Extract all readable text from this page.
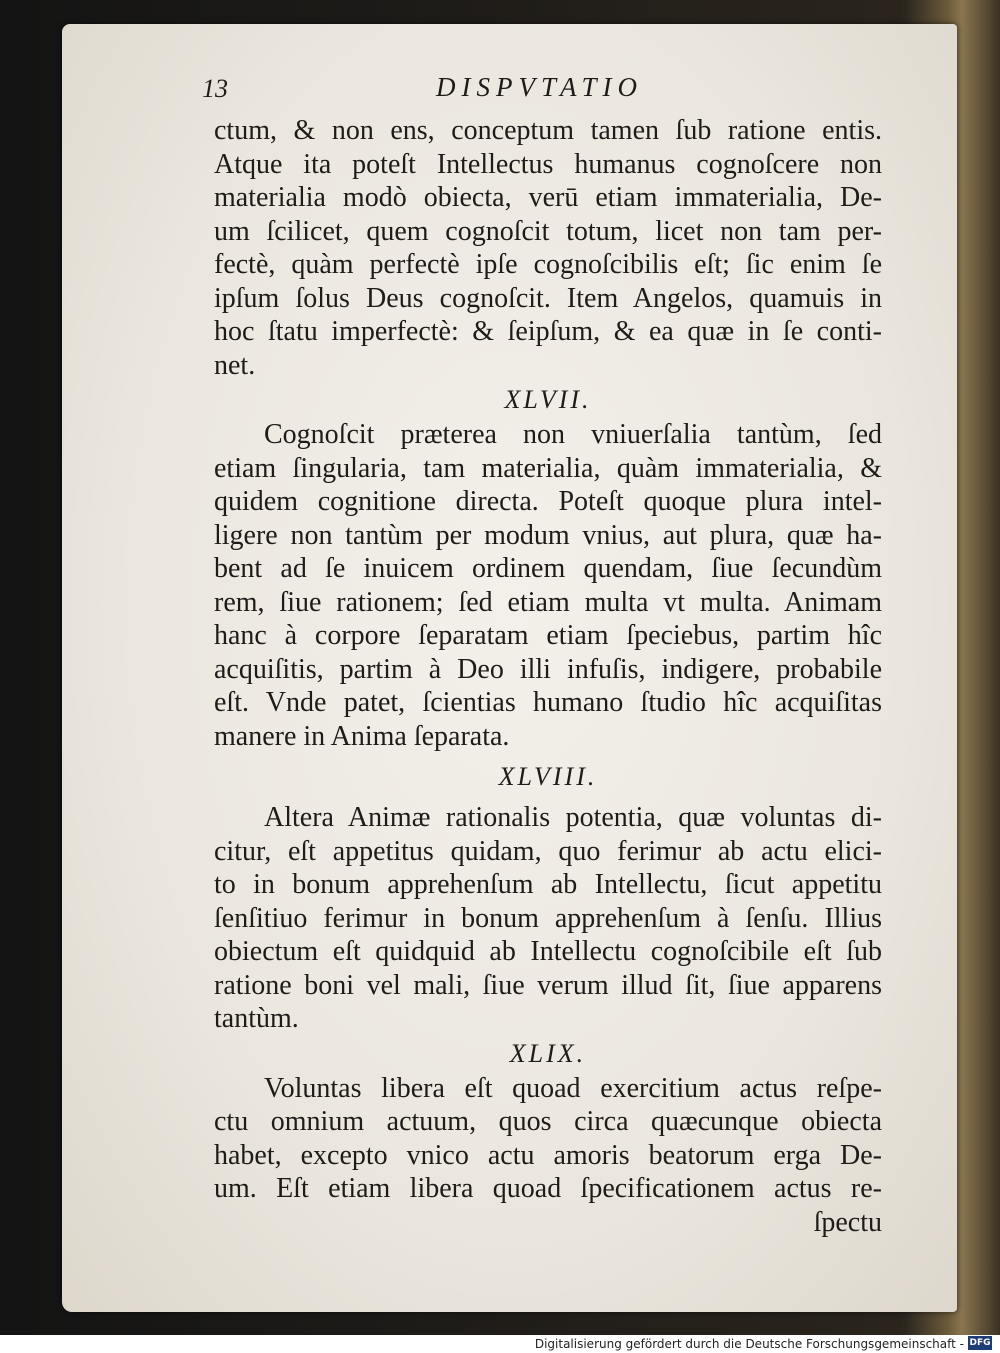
13	DISPVTATIO
ctum, & non ens, conceptum tamen ſub ratione entis.
Atque ita poteſt Intellectus humanus cognoſcere non
materialia modò obiecta, verū etiam immaterialia, De-
um ſcilicet, quem cognoſcit totum, licet non tam per-
fectè, quàm perfectè ipſe cognoſcibilis eſt; ſic enim ſe
ipſum ſolus Deus cognoſcit. Item Angelos, quamuis in
hoc ſtatu imperfectè: & ſeipſum, & ea quæ in ſe conti-
net.
XLVII.
Cognoſcit præterea non vniuerſalia tantùm, ſed
etiam ſingularia, tam materialia, quàm immaterialia, &
quidem cognitione directa. Poteſt quoque plura intel-
ligere non tantùm per modum vnius, aut plura, quæ ha-
bent ad ſe inuicem ordinem quendam, ſiue ſecundùm
rem, ſiue rationem; ſed etiam multa vt multa. Animam
hanc à corpore ſeparatam etiam ſpeciebus, partim hîc
acquiſitis, partim à Deo illi infuſis, indigere, probabile
eſt. Vnde patet, ſcientias humano ſtudio hîc acquiſitas
manere in Anima ſeparata.
XLVIII.
Altera Animæ rationalis potentia, quæ voluntas di-
citur, eſt appetitus quidam, quo ferimur ab actu elici-
to in bonum apprehenſum ab Intellectu, ſicut appetitu
ſenſitiuo ferimur in bonum apprehenſum à ſenſu. Illius
obiectum eſt quidquid ab Intellectu cognoſcibile eſt ſub
ratione boni vel mali, ſiue verum illud ſit, ſiue apparens
tantùm.
XLIX.
Voluntas libera eſt quoad exercitium actus reſpe-
ctu omnium actuum, quos circa quæcunque obiecta
habet, excepto vnico actu amoris beatorum erga De-
um. Eſt etiam libera quoad ſpecificationem actus re-
ſpectu
Digitalisierung gefördert durch die Deutsche Forschungsgemeinschaft - DFG
